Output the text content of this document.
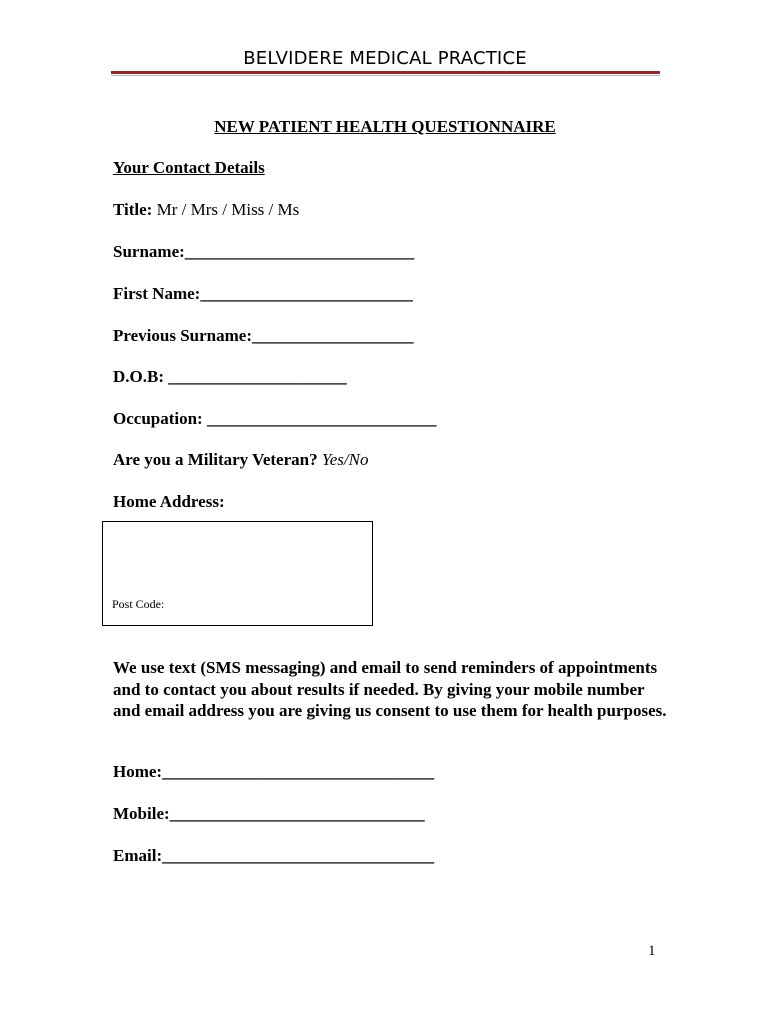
BELVIDERE MEDICAL PRACTICE
NEW PATIENT HEALTH QUESTIONNAIRE
Your Contact Details
Title: Mr / Mrs / Miss / Ms
Surname:___________________________
First Name:_________________________
Previous Surname:___________________
D.O.B: _____________________
Occupation: ___________________________
Are you a Military Veteran? Yes/No
Home Address:
Post Code:
We use text (SMS messaging) and email to send reminders of appointments and to contact you about results if needed. By giving your mobile number and email address you are giving us consent to use them for health purposes.
Home:________________________________
Mobile:______________________________
Email:________________________________
1
